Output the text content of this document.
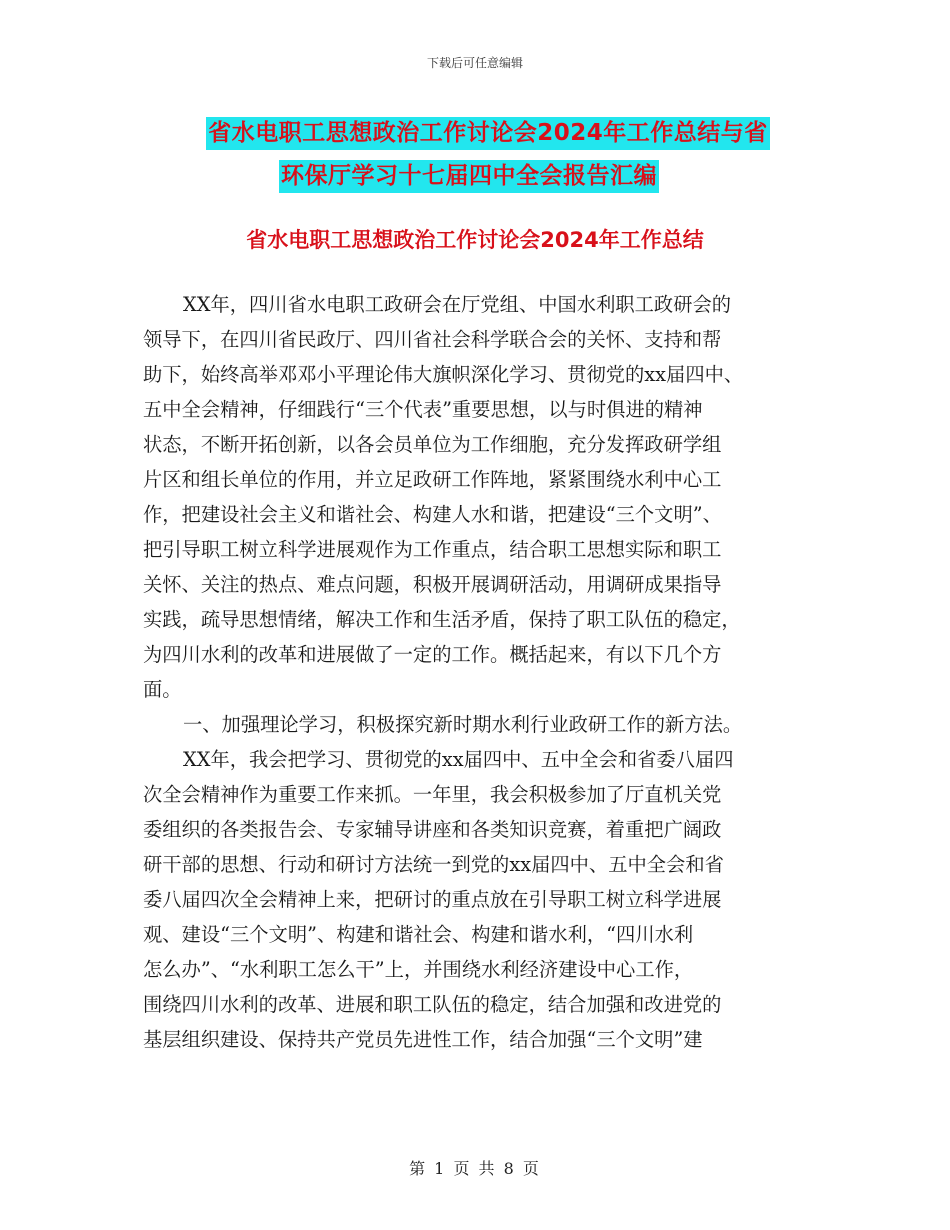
下载后可任意编辑
省水电职工思想政治工作讨论会2024年工作总结与省
环保厅学习十七届四中全会报告汇编
省水电职工思想政治工作讨论会2024年工作总结
XX年，四川省水电职工政研会在厅党组、中国水利职工政研会的
领导下，在四川省民政厅、四川省社会科学联合会的关怀、支持和帮
助下，始终高举邓邓小平理论伟大旗帜深化学习、贯彻党的xx届四中、
五中全会精神，仔细践行“三个代表”重要思想，以与时俱进的精神
状态，不断开拓创新，以各会员单位为工作细胞，充分发挥政研学组
片区和组长单位的作用，并立足政研工作阵地，紧紧围绕水利中心工
作，把建设社会主义和谐社会、构建人水和谐，把建设“三个文明”、
把引导职工树立科学进展观作为工作重点，结合职工思想实际和职工
关怀、关注的热点、难点问题，积极开展调研活动，用调研成果指导
实践，疏导思想情绪，解决工作和生活矛盾，保持了职工队伍的稳定，
为四川水利的改革和进展做了一定的工作。概括起来，有以下几个方
面。
一、加强理论学习，积极探究新时期水利行业政研工作的新方法。
XX年，我会把学习、贯彻党的xx届四中、五中全会和省委八届四
次全会精神作为重要工作来抓。一年里，我会积极参加了厅直机关党
委组织的各类报告会、专家辅导讲座和各类知识竞赛，着重把广阔政
研干部的思想、行动和研讨方法统一到党的xx届四中、五中全会和省
委八届四次全会精神上来，把研讨的重点放在引导职工树立科学进展
观、建设“三个文明”、构建和谐社会、构建和谐水利，“四川水利
怎么办”、“水利职工怎么干”上，并围绕水利经济建设中心工作，
围绕四川水利的改革、进展和职工队伍的稳定，结合加强和改进党的
基层组织建设、保持共产党员先进性工作，结合加强“三个文明”建
第 1 页 共 8 页
